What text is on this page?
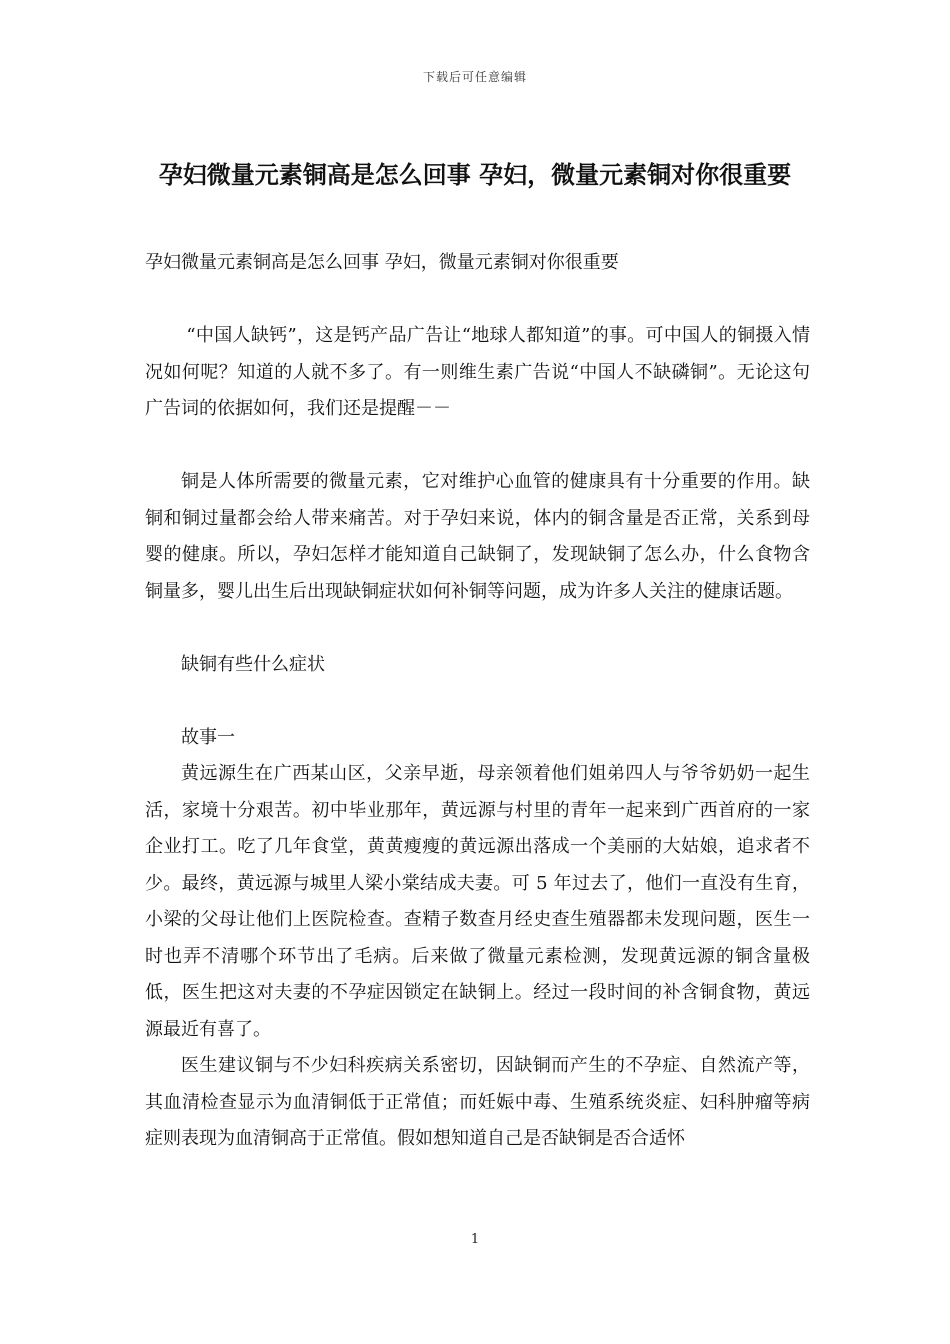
下载后可任意编辑
孕妇微量元素铜高是怎么回事 孕妇，微量元素铜对你很重要

孕妇微量元素铜高是怎么回事 孕妇，微量元素铜对你很重要

“中国人缺钙”，这是钙产品广告让“地球人都知道”的事。可中国人的铜摄入情况如何呢？知道的人就不多了。有一则维生素广告说“中国人不缺磷铜”。无论这句广告词的依据如何，我们还是提醒－－

铜是人体所需要的微量元素，它对维护心血管的健康具有十分重要的作用。缺铜和铜过量都会给人带来痛苦。对于孕妇来说，体内的铜含量是否正常，关系到母婴的健康。所以，孕妇怎样才能知道自己缺铜了，发现缺铜了怎么办，什么食物含铜量多，婴儿出生后出现缺铜症状如何补铜等问题，成为许多人关注的健康话题。

缺铜有些什么症状

故事一

黄远源生在广西某山区，父亲早逝，母亲领着他们姐弟四人与爷爷奶奶一起生活，家境十分艰苦。初中毕业那年，黄远源与村里的青年一起来到广西首府的一家企业打工。吃了几年食堂，黄黄瘦瘦的黄远源出落成一个美丽的大姑娘，追求者不少。最终，黄远源与城里人梁小棠结成夫妻。可 5 年过去了，他们一直没有生育，小梁的父母让他们上医院检查。查精子数查月经史查生殖器都未发现问题，医生一时也弄不清哪个环节出了毛病。后来做了微量元素检测，发现黄远源的铜含量极低，医生把这对夫妻的不孕症因锁定在缺铜上。经过一段时间的补含铜食物，黄远源最近有喜了。

医生建议铜与不少妇科疾病关系密切，因缺铜而产生的不孕症、自然流产等，其血清检查显示为血清铜低于正常值；而妊娠中毒、生殖系统炎症、妇科肿瘤等病症则表现为血清铜高于正常值。假如想知道自己是否缺铜是否合适怀

1
